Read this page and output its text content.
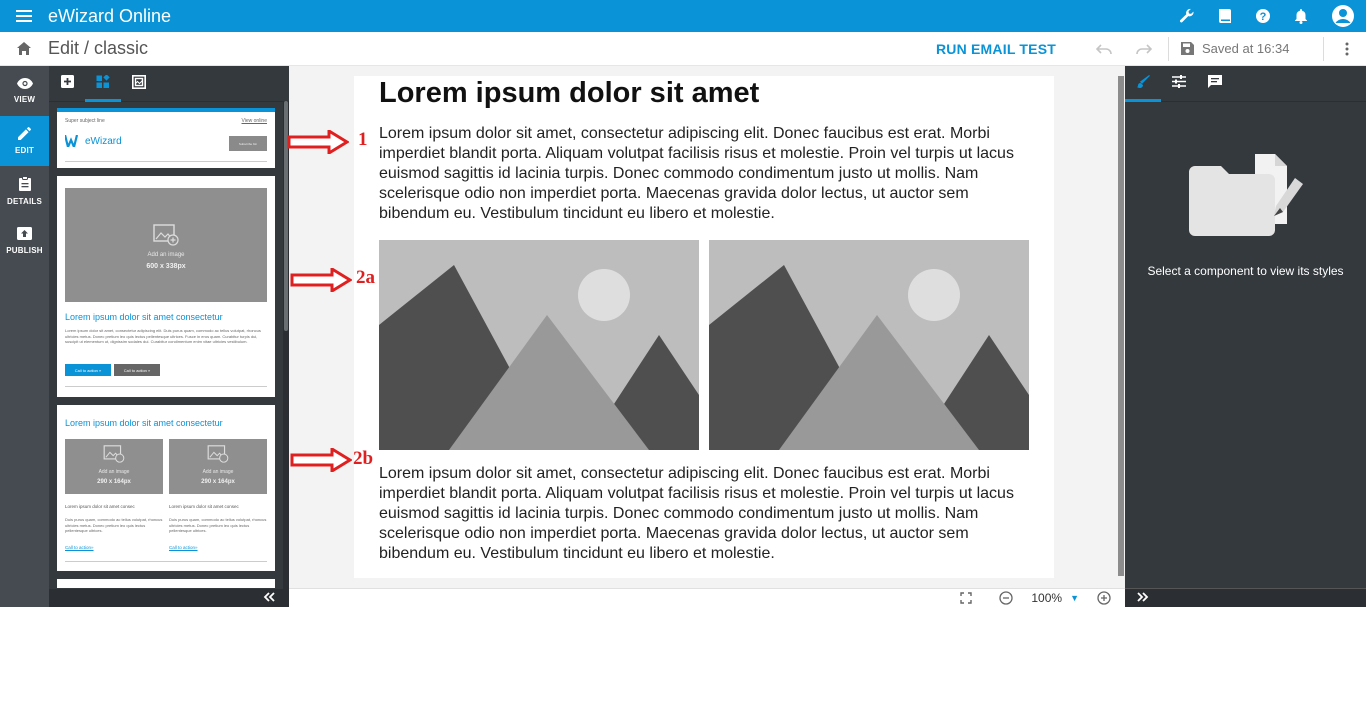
eWizard Online	?
Edit / classic	RUN EMAIL TEST	Saved at 16:34
VIEW
EDIT
DETAILS
PUBLISH
Super subject line	View online
eWizard	Subscribe btn
Add an image
600 x 338px
Lorem ipsum dolor sit amet consectetur
Lorem ipsum dolor sit amet, consectetur adipiscing elit. Duis purus quam, commodo ac tellus volutpat, rhoncus ultricies metus. Donec pretium leo quis lectus pellentesque ultrices. Fusce in eros quam. Curabitur turpis dui, suscipit ut elementum ut, dignissim sodales dui. Curabitur condimentum enim vitae ultricies vestibulum.
Call to action »	Call to action »
Lorem ipsum dolor sit amet consectetur
Add an image
290 x 164px
Add an image
290 x 164px
Lorem ipsum dolor sit amet consec
Duis purus quam, commodo ac tellus volutpat, rhoncus ultricies metus. Donec pretium leo quis lectus pellentesque ultrices.
Call to action»
Lorem ipsum dolor sit amet consec
Duis purus quam, commodo ac tellus volutpat, rhoncus ultricies metus. Donec pretium leo quis lectus pellentesque ultrices.
Call to action»
Lorem ipsum dolor sit amet

Lorem ipsum dolor sit amet, consectetur adipiscing elit. Donec faucibus est erat. Morbi imperdiet blandit porta. Aliquam volutpat facilisis risus et molestie. Proin vel turpis ut lacus euismod sagittis id lacinia turpis. Donec commodo condimentum justo ut mollis. Nam scelerisque odio non imperdiet porta. Maecenas gravida dolor lectus, ut auctor sem bibendum eu. Vestibulum tincidunt eu libero et molestie.

Lorem ipsum dolor sit amet, consectetur adipiscing elit. Donec faucibus est erat. Morbi imperdiet blandit porta. Aliquam volutpat facilisis risus et molestie. Proin vel turpis ut lacus euismod sagittis id lacinia turpis. Donec commodo condimentum justo ut mollis. Nam scelerisque odio non imperdiet porta. Maecenas gravida dolor lectus, ut auctor sem bibendum eu. Vestibulum tincidunt eu libero et molestie.

1
2a
2b
100% ▼
Select a component to view its styles
